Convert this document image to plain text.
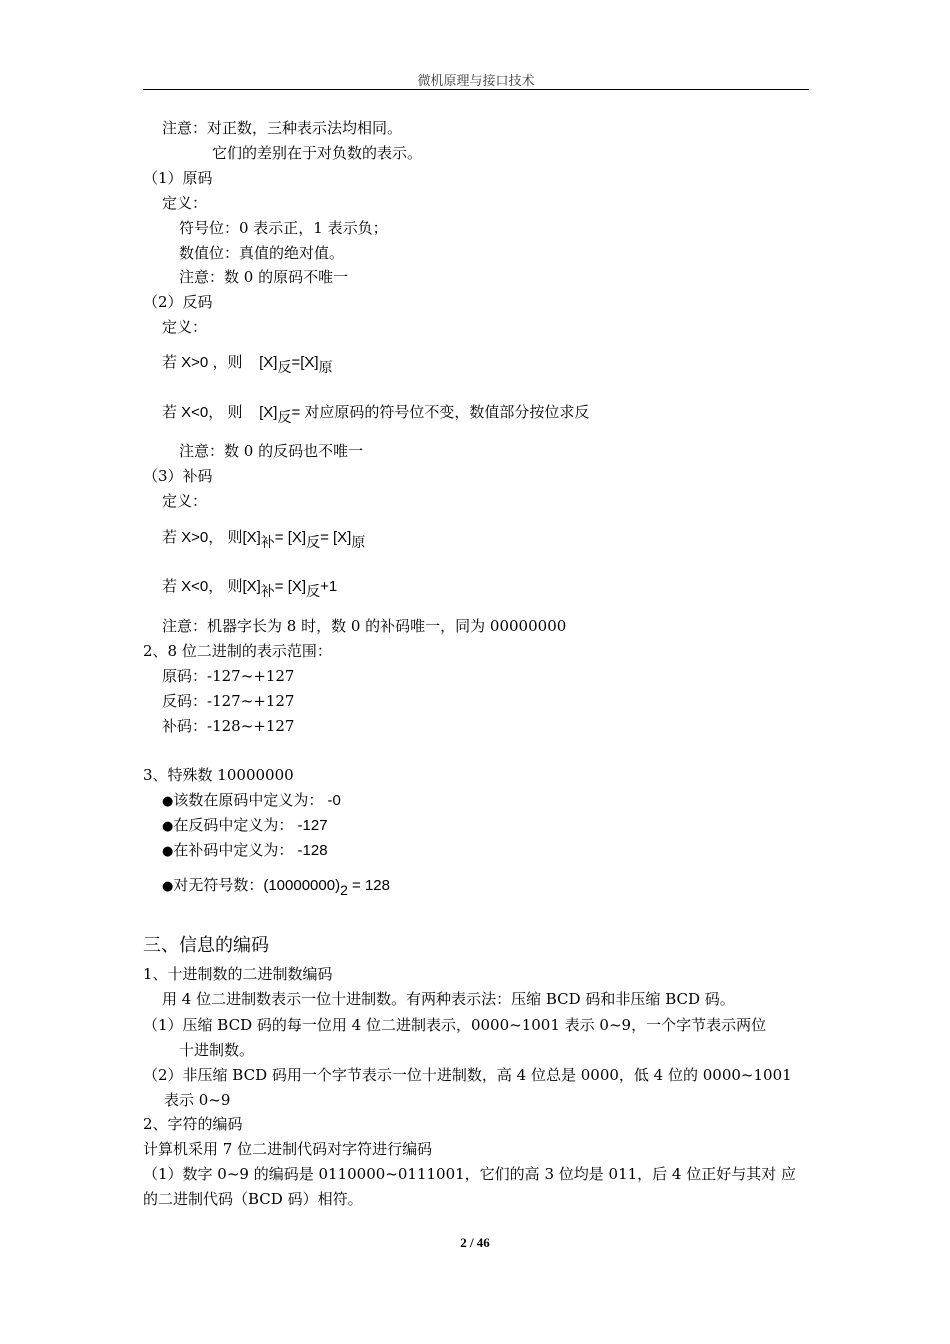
微机原理与接口技术
注意：对正数，三种表示法均相同。
它们的差别在于对负数的表示。
（1）原码
定义：
符号位：0 表示正，1 表示负；
数值位：真值的绝对值。
注意：数 0 的原码不唯一
（2）反码
定义：
若 X>0 ，则 [X]反=[X]原
若 X<0， 则 [X]反= 对应原码的符号位不变，数值部分按位求反
注意：数 0 的反码也不唯一
（3）补码
定义：
若 X>0， 则[X]补= [X]反= [X]原
若 X<0， 则[X]补= [X]反+1
注意：机器字长为 8 时，数 0 的补码唯一，同为 00000000
2、8 位二进制的表示范围：
原码：-127~+127
反码：-127~+127
补码：-128~+127
3、特殊数 10000000
●该数在原码中定义为： -0
●在反码中定义为： -127
●在补码中定义为： -128
●对无符号数：(10000000)2 = 128
三、信息的编码
1、十进制数的二进制数编码
用 4 位二进制数表示一位十进制数。有两种表示法：压缩 BCD 码和非压缩 BCD 码。
（1）压缩 BCD 码的每一位用 4 位二进制表示，0000~1001 表示 0~9，一个字节表示两位
十进制数。
（2）非压缩 BCD 码用一个字节表示一位十进制数，高 4 位总是 0000，低 4 位的 0000~1001
表示 0~9
2、字符的编码
计算机采用 7 位二进制代码对字符进行编码
（1）数字 0~9 的编码是 0110000~0111001，它们的高 3 位均是 011，后 4 位正好与其对 应
的二进制代码（BCD 码）相符。
2 / 46
